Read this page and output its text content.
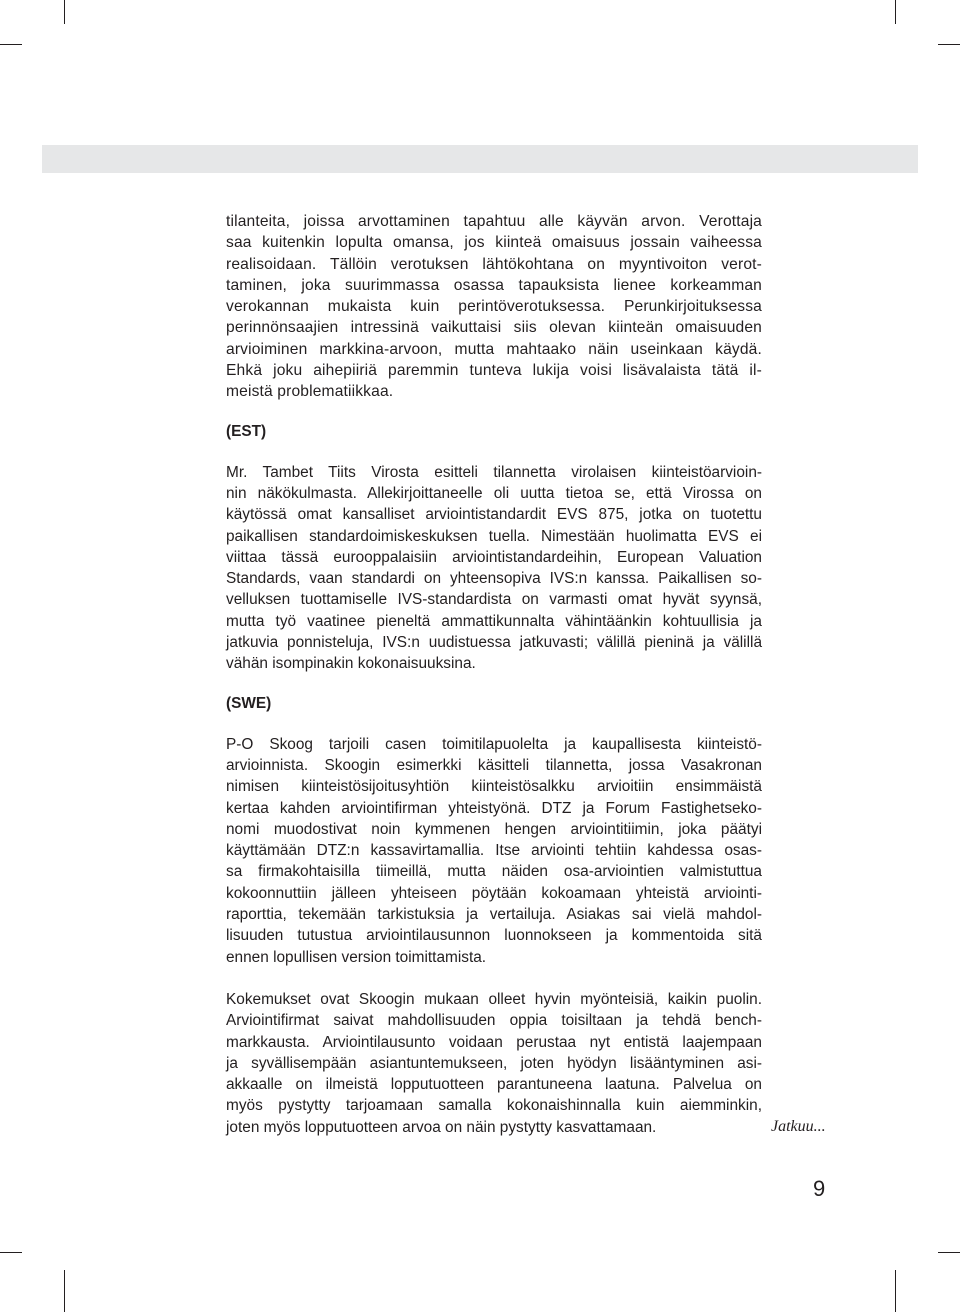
tilanteita, joissa arvottaminen tapahtuu alle käyvän arvon. Verottaja
saa kuitenkin lopulta omansa, jos kiinteä omaisuus jossain vaiheessa
realisoidaan. Tällöin verotuksen lähtökohtana on myyntivoiton verot-
taminen, joka suurimmassa osassa tapauksista lienee korkeamman
verokannan mukaista kuin perintöverotuksessa. Perunkirjoituksessa
perinnönsaajien intressinä vaikuttaisi siis olevan kiinteän omaisuuden
arvioiminen markkina-arvoon, mutta mahtaako näin useinkaan käydä.
Ehkä joku aihepiiriä paremmin tunteva lukija voisi lisävalaista tätä il-
meistä problematiikkaa.

(EST)

Mr. Tambet Tiits Virosta esitteli tilannetta virolaisen kiinteistöarvioin-
nin näkökulmasta. Allekirjoittaneelle oli uutta tietoa se, että Virossa on
käytössä omat kansalliset arviointistandardit EVS 875, jotka on tuotettu
paikallisen standardoimiskeskuksen tuella. Nimestään huolimatta EVS ei
viittaa tässä eurooppalaisiin arviointistandardeihin, European Valuation
Standards, vaan standardi on yhteensopiva IVS:n kanssa. Paikallisen so-
velluksen tuottamiselle IVS-standardista on varmasti omat hyvät syynsä,
mutta työ vaatinee pieneltä ammattikunnalta vähintäänkin kohtuullisia ja
jatkuvia ponnisteluja, IVS:n uudistuessa jatkuvasti; välillä pieninä ja välillä
vähän isompinakin kokonaisuuksina.

(SWE)

P-O Skoog tarjoili casen toimitilapuolelta ja kaupallisesta kiinteistö-
arvioinnista. Skoogin esimerkki käsitteli tilannetta, jossa Vasakronan
nimisen kiinteistösijoitusyhtiön kiinteistösalkku arvioitiin ensimmäistä
kertaa kahden arviointifirman yhteistyönä. DTZ ja Forum Fastighetseko-
nomi muodostivat noin kymmenen hengen arviointitiimin, joka päätyi
käyttämään DTZ:n kassavirtamallia. Itse arviointi tehtiin kahdessa osas-
sa firmakohtaisilla tiimeillä, mutta näiden osa-arviointien valmistuttua
kokoonnuttiin jälleen yhteiseen pöytään kokoamaan yhteistä arviointi-
raporttia, tekemään tarkistuksia ja vertailuja. Asiakas sai vielä mahdol-
lisuuden tutustua arviointilausunnon luonnokseen ja kommentoida sitä
ennen lopullisen version toimittamista.

Kokemukset ovat Skoogin mukaan olleet hyvin myönteisiä, kaikin puolin.
Arviointifirmat saivat mahdollisuuden oppia toisiltaan ja tehdä bench-
markkausta. Arviointilausunto voidaan perustaa nyt entistä laajempaan
ja syvällisempään asiantuntemukseen, joten hyödyn lisääntyminen asi-
akkaalle on ilmeistä lopputuotteen parantuneena laatuna. Palvelua on
myös pystytty tarjoamaan samalla kokonaishinnalla kuin aiemminkin,
joten myös lopputuotteen arvoa on näin pystytty kasvattamaan.	Jatkuu...
9
